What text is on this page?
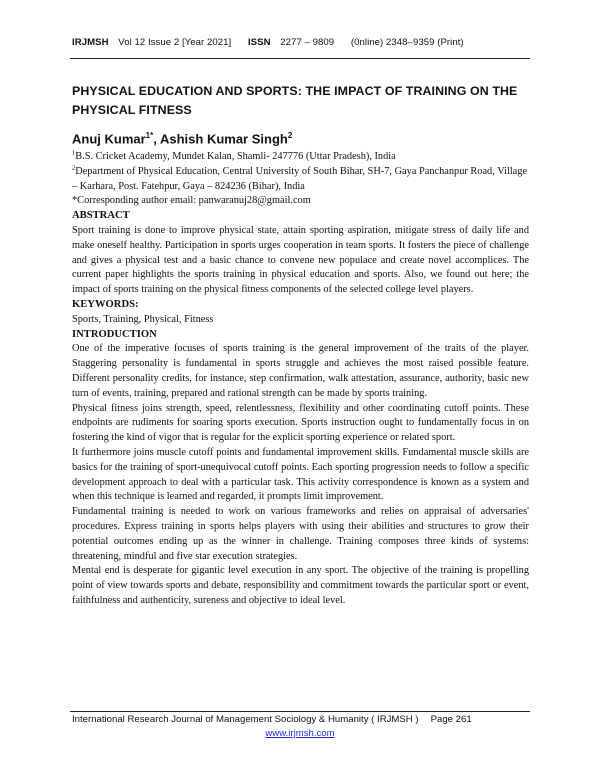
IRJMSH Vol 12 Issue 2 [Year 2021] ISSN 2277 – 9809 (0nline) 2348–9359 (Print)
PHYSICAL EDUCATION AND SPORTS: THE IMPACT OF TRAINING ON THE PHYSICAL FITNESS
Anuj Kumar$^{1*}$, Ashish Kumar Singh$^2$

$^1$B.S. Cricket Academy, Mundet Kalan, Shamli- 247776 (Uttar Pradesh), India

$^2$Department of Physical Education, Central University of South Bihar, SH-7, Gaya Panchanpur Road, Village – Karhara, Post. Fatehpur, Gaya – 824236 (Bihar), India

*Corresponding author email: panwaranuj28@gmail.com

ABSTRACT

Sport training is done to improve physical state, attain sporting aspiration, mitigate stress of daily life and make oneself healthy. Participation in sports urges cooperation in team sports. It fosters the piece of challenge and gives a physical test and a basic chance to convene new populace and create novel accomplices. The current paper highlights the sports training in physical education and sports. Also, we found out here; the impact of sports training on the physical fitness components of the selected college level players.

KEYWORDS:

Sports, Training, Physical, Fitness

INTRODUCTION

One of the imperative focuses of sports training is the general improvement of the traits of the player. Staggering personality is fundamental in sports struggle and achieves the most raised possible feature. Different personality credits, for instance, step confirmation, walk attestation, assurance, authority, basic new turn of events, training, prepared and rational strength can be made by sports training.

Physical fitness joins strength, speed, relentlessness, flexibility and other coordinating cutoff points. These endpoints are rudiments for soaring sports execution. Sports instruction ought to fundamentally focus in on fostering the kind of vigor that is regular for the explicit sporting experience or related sport.

It furthermore joins muscle cutoff points and fundamental improvement skills. Fundamental muscle skills are basics for the training of sport-unequivocal cutoff points. Each sporting progression needs to follow a specific development approach to deal with a particular task. This activity correspondence is known as a system and when this technique is learned and regarded, it prompts limit improvement.

Fundamental training is needed to work on various frameworks and relies on appraisal of adversaries' procedures. Express training in sports helps players with using their abilities and structures to grow their potential outcomes ending up as the winner in challenge. Training composes three kinds of systems: threatening, mindful and five star execution strategies.

Mental end is desperate for gigantic level execution in any sport. The objective of the training is propelling point of view towards sports and debate, responsibility and commitment towards the particular sport or event, faithfulness and authenticity, sureness and objective to ideal level.

International Research Journal of Management Sociology & Humanity ( IRJMSH ) Page 261
www.irjmsh.com
